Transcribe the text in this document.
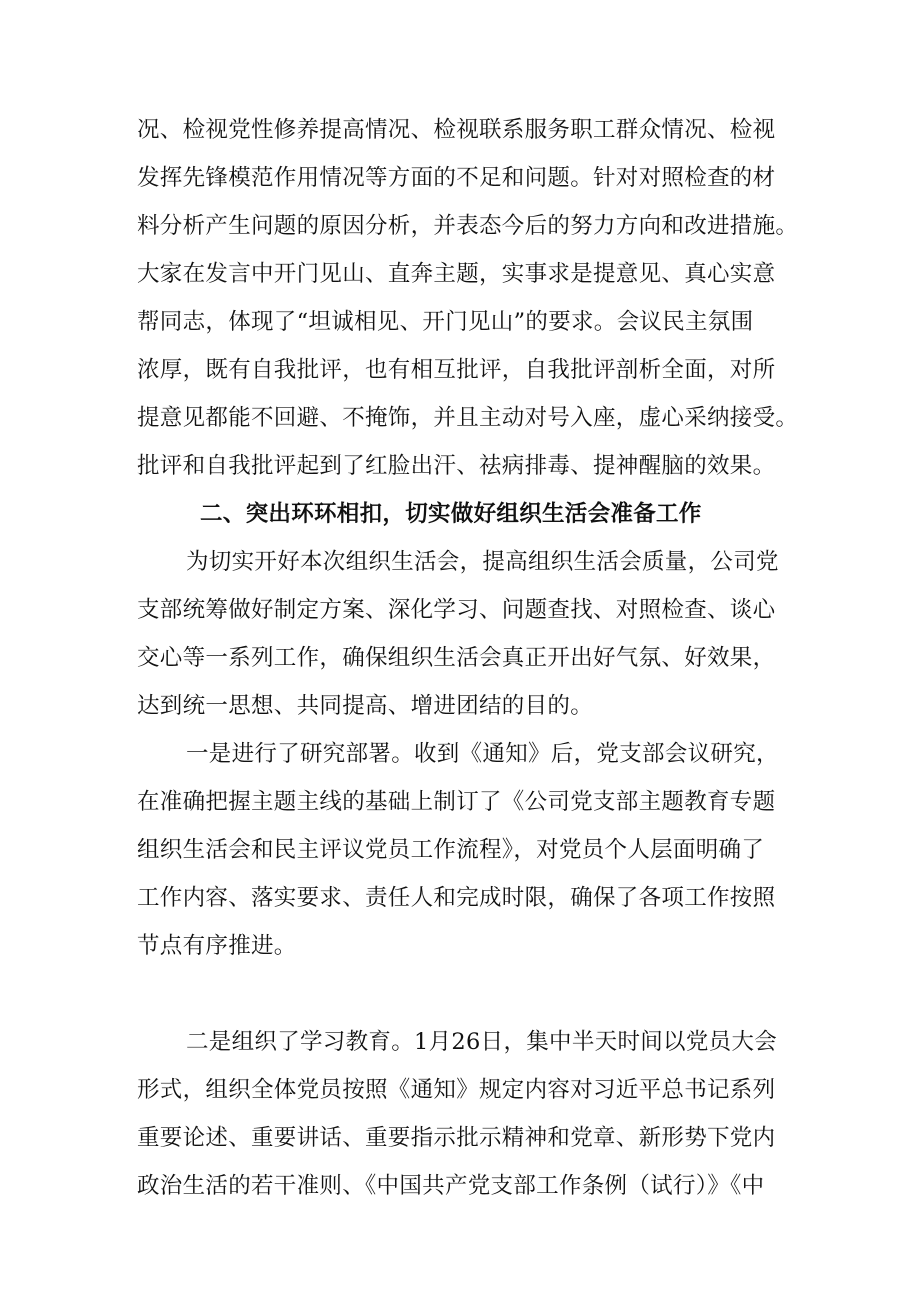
况、检视党性修养提高情况、检视联系服务职工群众情况、检视
发挥先锋模范作用情况等方面的不足和问题。针对对照检查的材
料分析产生问题的原因分析，并表态今后的努力方向和改进措施。
大家在发言中开门见山、直奔主题，实事求是提意见、真心实意
帮同志，体现了“坦诚相见、开门见山”的要求。会议民主氛围
浓厚，既有自我批评，也有相互批评，自我批评剖析全面，对所
提意见都能不回避、不掩饰，并且主动对号入座，虚心采纳接受。
批评和自我批评起到了红脸出汗、祛病排毒、提神醒脑的效果。
二、突出环环相扣，切实做好组织生活会准备工作
为切实开好本次组织生活会，提高组织生活会质量，公司党
支部统筹做好制定方案、深化学习、问题查找、对照检查、谈心
交心等一系列工作，确保组织生活会真正开出好气氛、好效果，
达到统一思想、共同提高、增进团结的目的。
一是进行了研究部署。收到《通知》后，党支部会议研究，
在准确把握主题主线的基础上制订了《公司党支部主题教育专题
组织生活会和民主评议党员工作流程》，对党员个人层面明确了
工作内容、落实要求、责任人和完成时限，确保了各项工作按照
节点有序推进。
二是组织了学习教育。1月26日，集中半天时间以党员大会
形式，组织全体党员按照《通知》规定内容对习近平总书记系列
重要论述、重要讲话、重要指示批示精神和党章、新形势下党内
政治生活的若干准则、《中国共产党支部工作条例（试行）》《中
